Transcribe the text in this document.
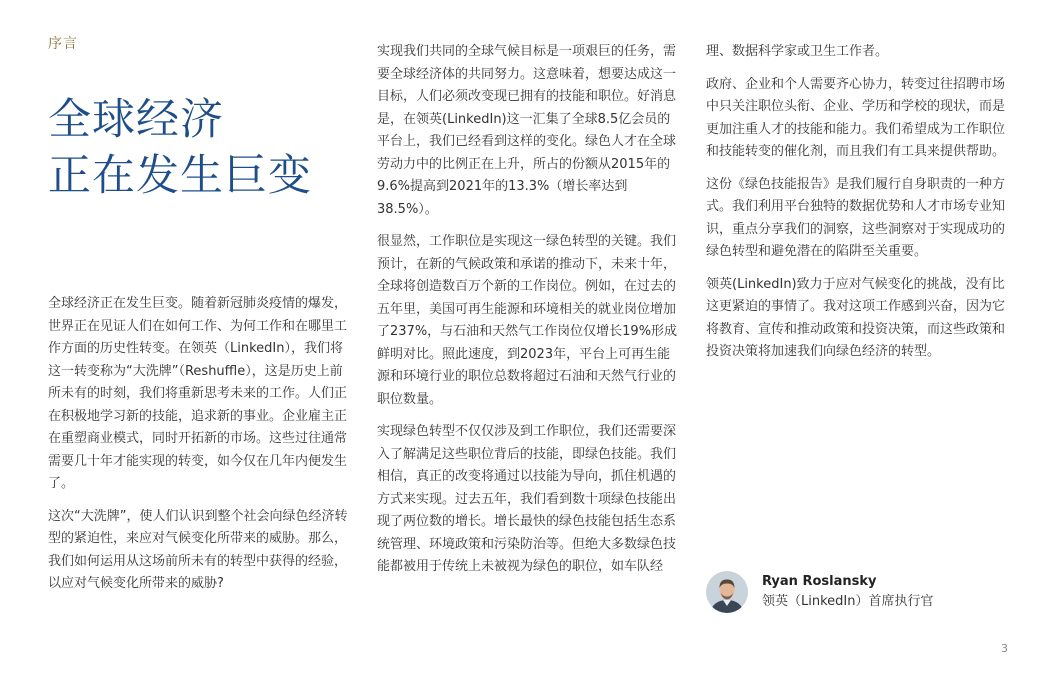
序言
全球经济
正在发生巨变

全球经济正在发生巨变。随着新冠肺炎疫情的爆发，世界正在见证人们在如何工作、为何工作和在哪里工作方面的历史性转变。在领英（LinkedIn），我们将这一转变称为“大洗牌”（Reshuffle），这是历史上前所未有的时刻，我们将重新思考未来的工作。人们正在积极地学习新的技能，追求新的事业。企业雇主正在重塑商业模式，同时开拓新的市场。这些过往通常需要几十年才能实现的转变，如今仅在几年内便发生了。

这次“大洗牌”，使人们认识到整个社会向绿色经济转型的紧迫性，来应对气候变化所带来的威胁。那么，我们如何运用从这场前所未有的转型中获得的经验，以应对气候变化所带来的威胁?

实现我们共同的全球气候目标是一项艰巨的任务，需要全球经济体的共同努力。这意味着，想要达成这一目标，人们必须改变现已拥有的技能和职位。好消息是，在领英(LinkedIn)这一汇集了全球8.5亿会员的平台上，我们已经看到这样的变化。绿色人才在全球劳动力中的比例正在上升，所占的份额从2015年的9.6%提高到2021年的13.3%（增长率达到38.5%）。

很显然，工作职位是实现这一绿色转型的关键。我们预计，在新的气候政策和承诺的推动下，未来十年，全球将创造数百万个新的工作岗位。例如，在过去的五年里，美国可再生能源和环境相关的就业岗位增加了237%，与石油和天然气工作岗位仅增长19%形成鲜明对比。照此速度，到2023年，平台上可再生能源和环境行业的职位总数将超过石油和天然气行业的职位数量。

实现绿色转型不仅仅涉及到工作职位，我们还需要深入了解满足这些职位背后的技能，即绿色技能。我们相信，真正的改变将通过以技能为导向，抓住机遇的方式来实现。过去五年，我们看到数十项绿色技能出现了两位数的增长。增长最快的绿色技能包括生态系统管理、环境政策和污染防治等。但绝大多数绿色技能都被用于传统上未被视为绿色的职位，如车队经

理、数据科学家或卫生工作者。

政府、企业和个人需要齐心协力，转变过往招聘市场中只关注职位头衔、企业、学历和学校的现状，而是更加注重人才的技能和能力。我们希望成为工作职位和技能转变的催化剂，而且我们有工具来提供帮助。

这份《绿色技能报告》是我们履行自身职责的一种方式。我们利用平台独特的数据优势和人才市场专业知识，重点分享我们的洞察，这些洞察对于实现成功的绿色转型和避免潜在的陷阱至关重要。

领英(LinkedIn)致力于应对气候变化的挑战，没有比这更紧迫的事情了。我对这项工作感到兴奋，因为它将教育、宣传和推动政策和投资决策，而这些政策和投资决策将加速我们向绿色经济的转型。

Ryan Roslansky
领英（LinkedIn）首席执行官
3
